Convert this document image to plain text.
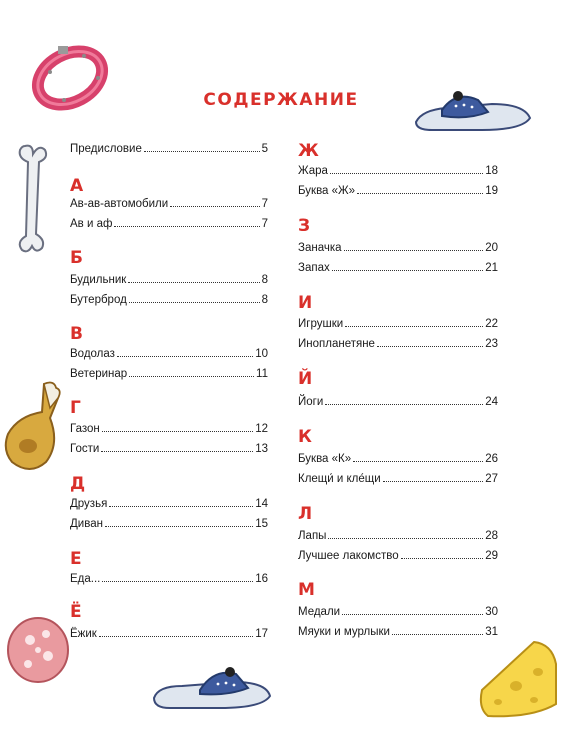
СОДЕРЖАНИЕ
Предисловие	5
А
Ав-ав-автомобили	7
Ав и аф	7
Б
Будильник	8
Бутерброд	8
В
Водолаз	10
Ветеринар	11
Г
Газон	12
Гости	13
Д
Друзья	14
Диван	15
Е
Еда...	16
Ё
Ёжик	17
Ж
Жара	18
Буква «Ж»	19
З
Заначка	20
Запах	21
И
Игрушки	22
Инопланетяне	23
Й
Йоги	24
К
Буква «К»	26
Клещи́ и кле́щи	27
Л
Лапы	28
Лучшее лакомство	29
М
Медали	30
Мяуки и мурлыки	31
